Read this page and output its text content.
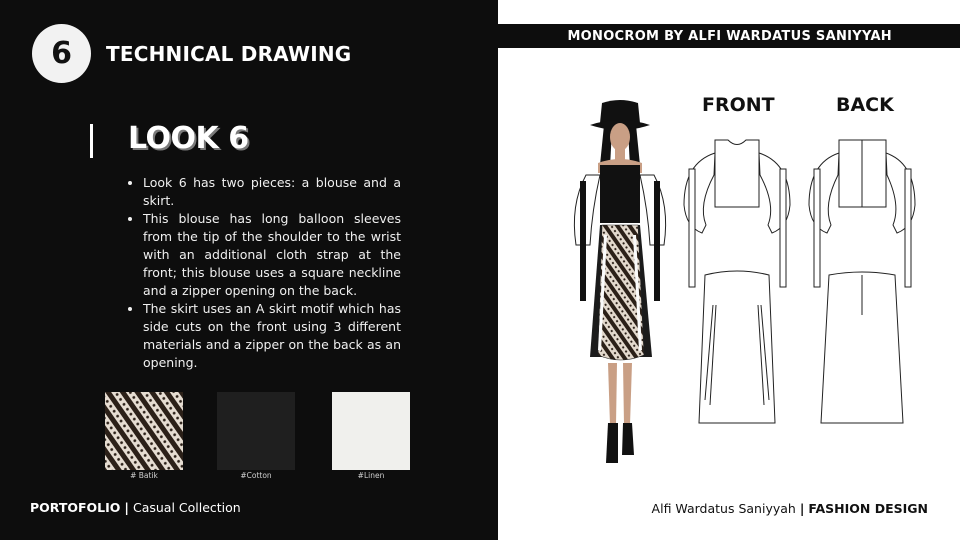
6 TECHNICAL DRAWING
LOOK 6
• Look 6 has two pieces: a blouse and a skirt.
• This blouse has long balloon sleeves from the tip of the shoulder to the wrist with an additional cloth strap at the front; this blouse uses a square neckline and a zipper opening on the back.
• The skirt uses an A skirt motif which has side cuts on the front using 3 different materials and a zipper on the back as an opening.
# Batik	#Cotton	#Linen
PORTOFOLIO | Casual Collection
MONOCROM BY ALFI WARDATUS SANIYYAH
FRONT	BACK
Alfi Wardatus Saniyyah | FASHION DESIGN
